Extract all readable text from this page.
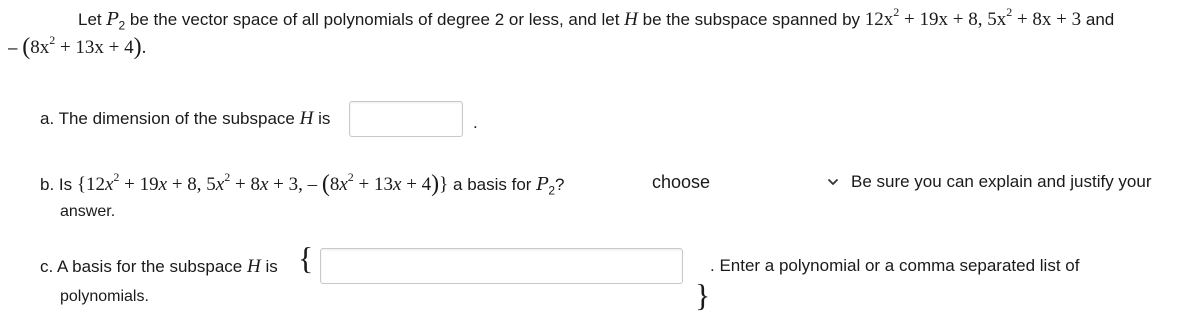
Let $P_2$ be the vector space of all polynomials of degree 2 or less, and let H be the subspace spanned by $12x^2 + 19x + 8$, $5x^2 + 8x + 3$ and
– $(8x^2 + 13x + 4)$.
a. The dimension of the subspace H is	.
b. Is {$12x^2 + 19x + 8$, $5x^2 + 8x + 3$, – $(8x^2 + 13x + 4)$} a basis for $P_2$?	choose	Be sure you can explain and justify your
answer.
c. A basis for the subspace H is {
}
. Enter a polynomial or a comma separated list of
polynomials.
